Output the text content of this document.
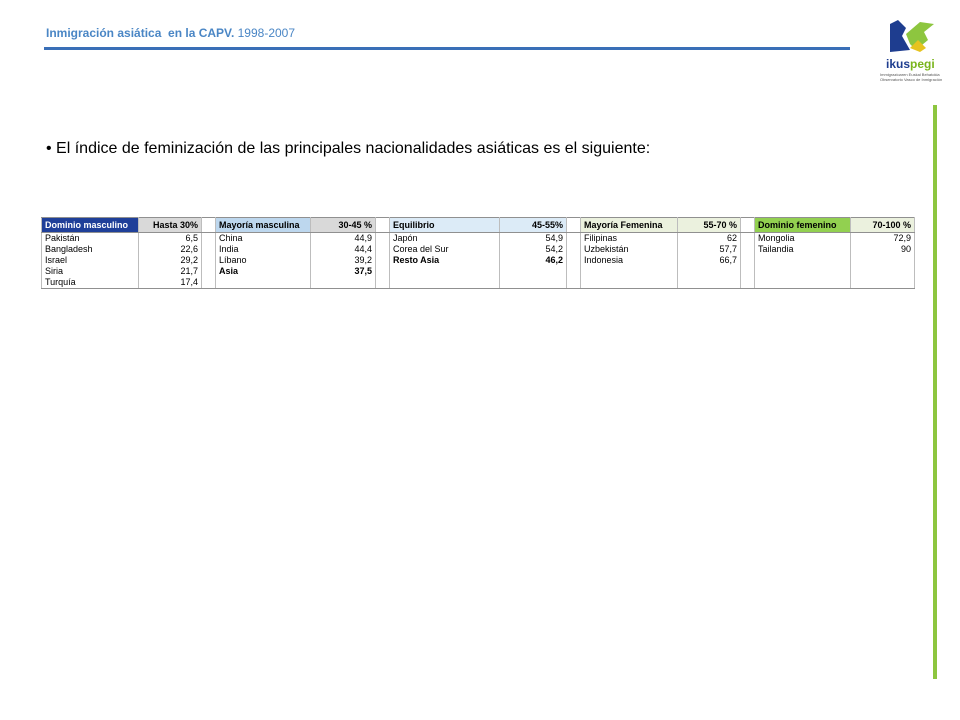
Inmigración asiática  en la CAPV. 1998-2007
ikuspegi
Immigrazioaren Euskal Behatokia
Observatorio Vasco de Inmigración
• El índice de feminización de las principales nacionalidades asiáticas es el siguiente:
Dominio masculino	Hasta 30%		Mayoría masculina	30-45 %		Equilibrio	45-55%		Mayoría Femenina	55-70 %		Dominio femenino	70-100 %
Pakistán	6,5		China	44,9		Japón	54,9		Filipinas	62		Mongolia	72,9
Bangladesh	22,6		India	44,4		Corea del Sur	54,2		Uzbekistán	57,7		Tailandia	90
Israel	29,2		Líbano	39,2		Resto Asia	46,2		Indonesia	66,7			
Siria	21,7		Asia	37,5									
Turquía	17,4												
